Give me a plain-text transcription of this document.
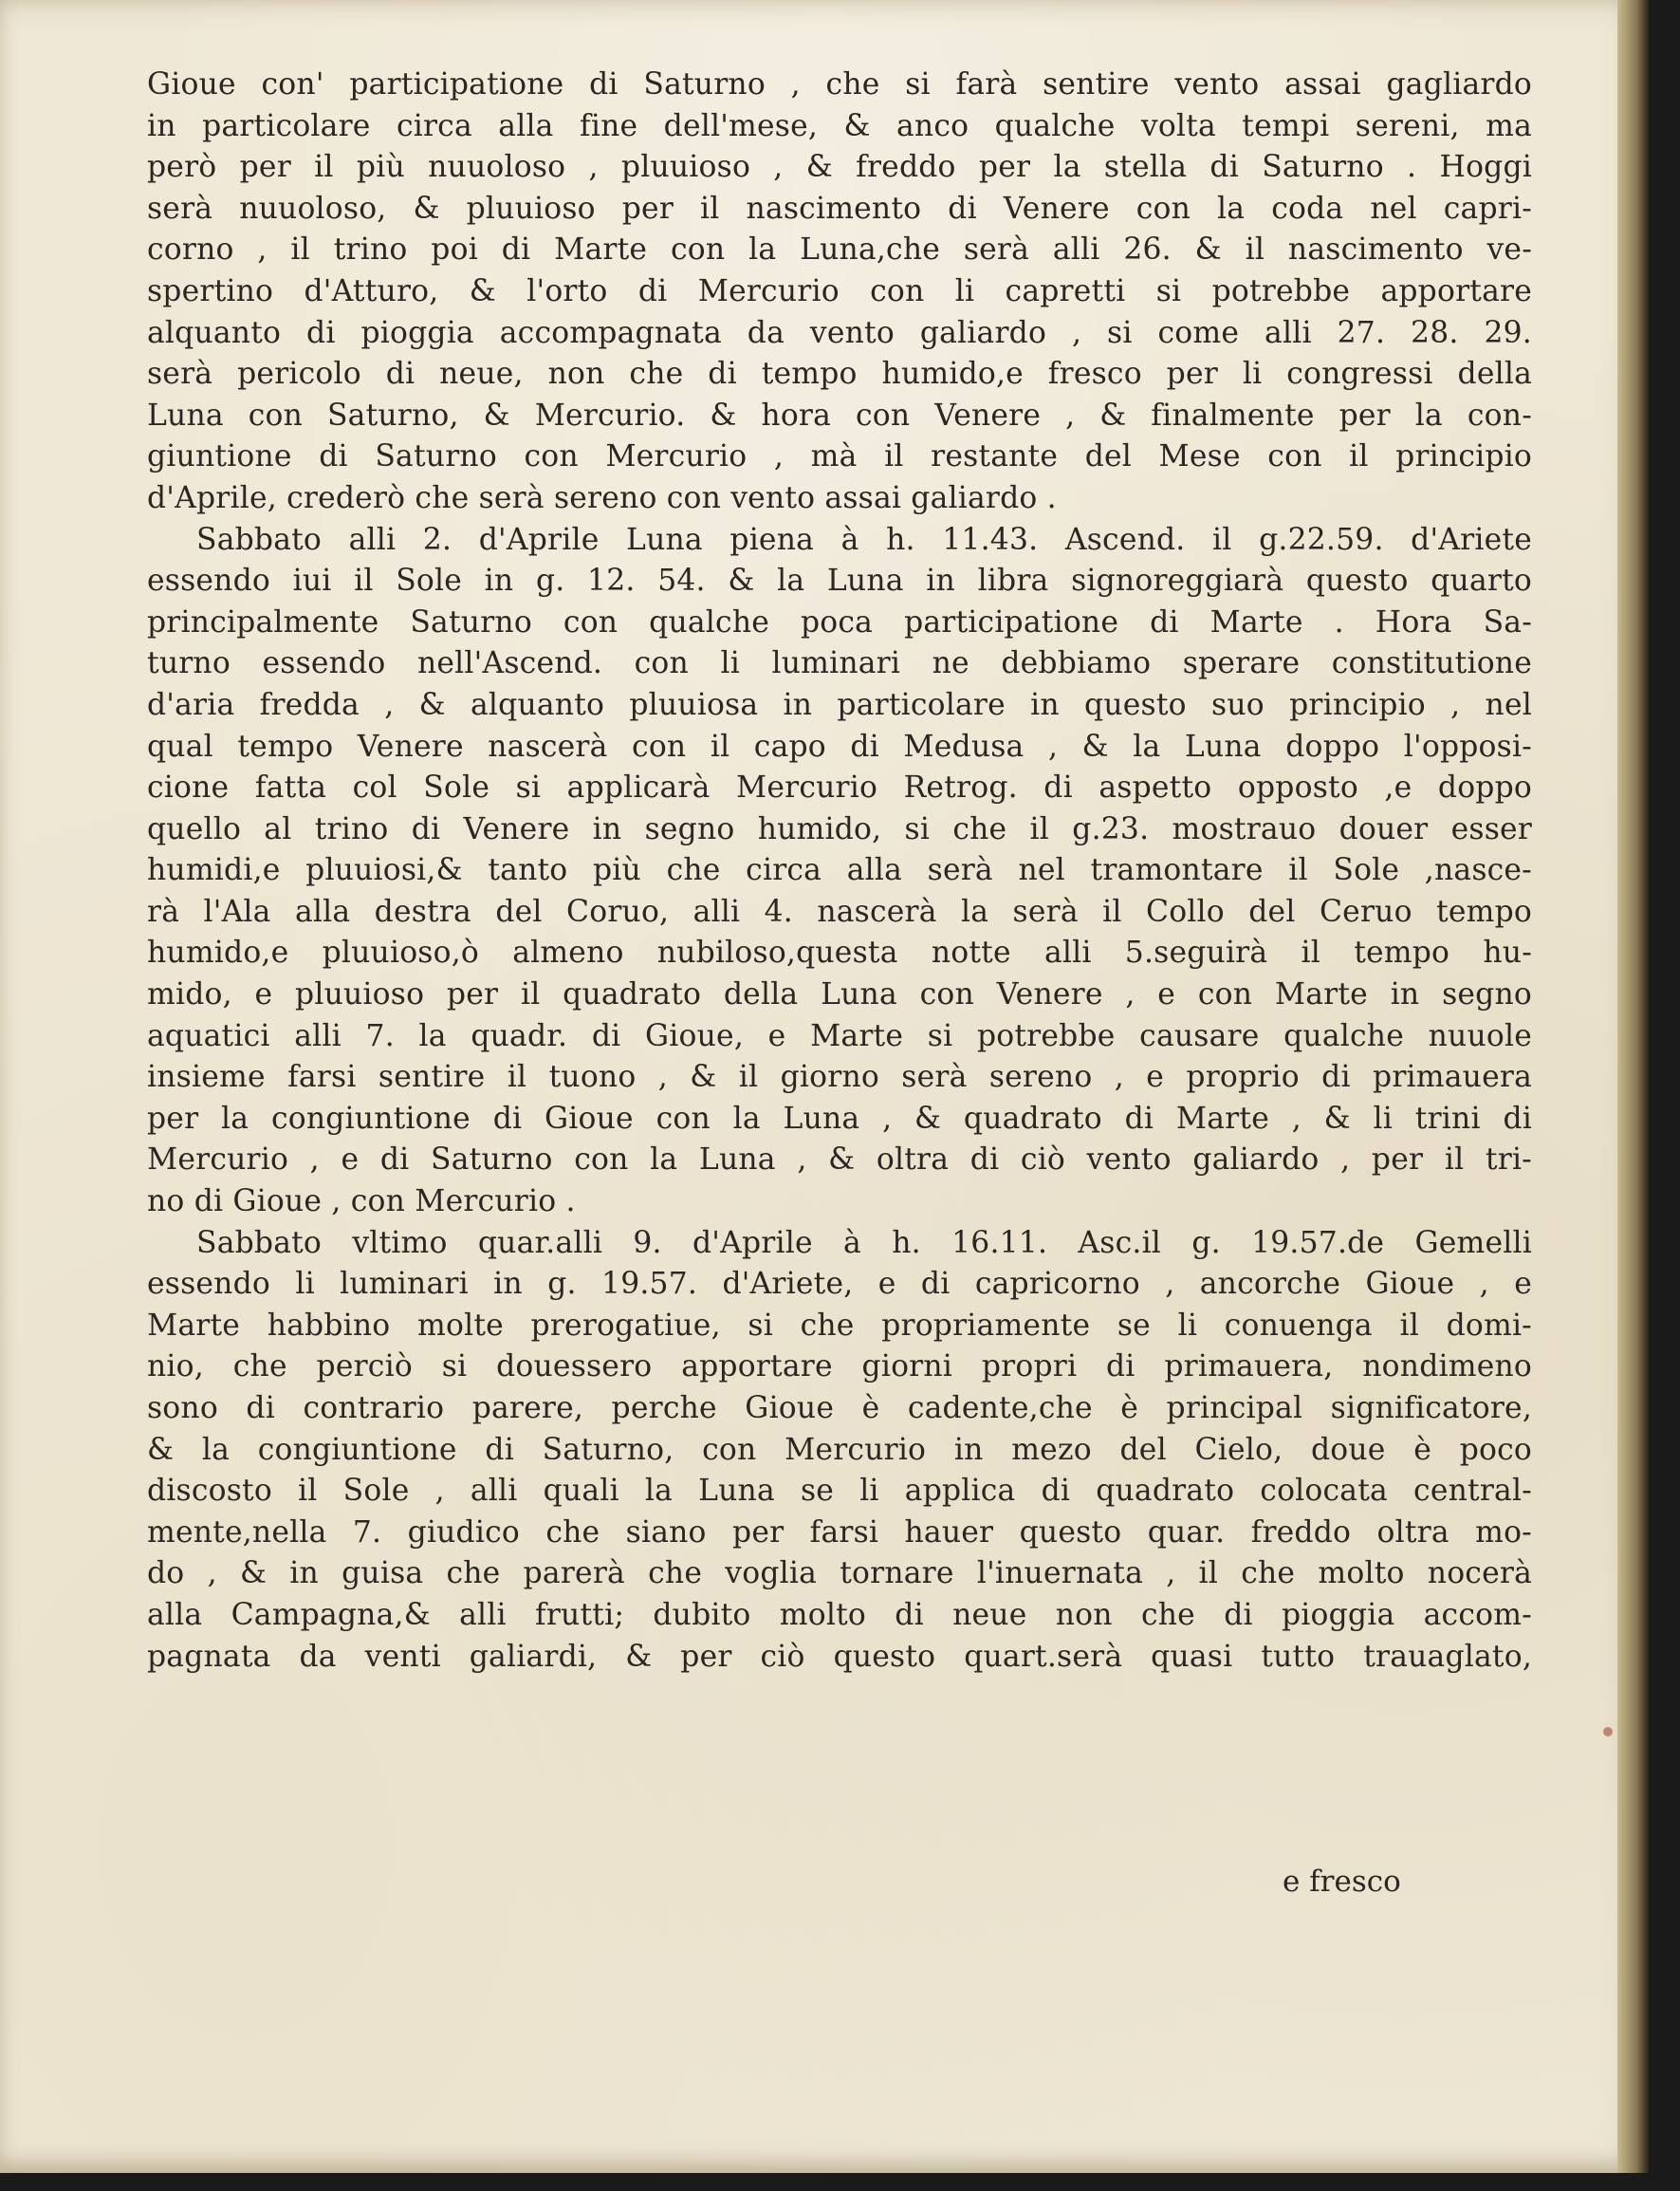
Gioue con' participatione di Saturno , che si farà sentire vento assai gagliardo
in particolare circa alla fine dell'mese, & anco qualche volta tempi sereni, ma
però per il più nuuoloso , pluuioso , & freddo per la stella di Saturno . Hoggi
serà nuuoloso, & pluuioso per il nascimento di Venere con la coda nel capri-
corno , il trino poi di Marte con la Luna,che serà alli 26. & il nascimento ve-
spertino d'Atturo, & l'orto di Mercurio con li capretti si potrebbe apportare
alquanto di pioggia accompagnata da vento galiardo , si come alli 27. 28. 29.
serà pericolo di neue, non che di tempo humido,e fresco per li congressi della
Luna con Saturno, & Mercurio. & hora con Venere , & finalmente per la con-
giuntione di Saturno con Mercurio , mà il restante del Mese con il principio
d'Aprile, crederò che serà sereno con vento assai galiardo .
Sabbato alli 2. d'Aprile Luna piena à h. 11.43. Ascend. il g.22.59. d'Ariete
essendo iui il Sole in g. 12. 54. & la Luna in libra signoreggiarà questo quarto
principalmente Saturno con qualche poca participatione di Marte . Hora Sa-
turno essendo nell'Ascend. con li luminari ne debbiamo sperare constitutione
d'aria fredda , & alquanto pluuiosa in particolare in questo suo principio , nel
qual tempo Venere nascerà con il capo di Medusa , & la Luna doppo l'opposi-
cione fatta col Sole si applicarà Mercurio Retrog. di aspetto opposto ,e doppo
quello al trino di Venere in segno humido, si che il g.23. mostrauo douer esser
humidi,e pluuiosi,& tanto più che circa alla serà nel tramontare il Sole ,nasce-
rà l'Ala alla destra del Coruo, alli 4. nascerà la serà il Collo del Ceruo tempo
humido,e pluuioso,ò almeno nubiloso,questa notte alli 5.seguirà il tempo hu-
mido, e pluuioso per il quadrato della Luna con Venere , e con Marte in segno
aquatici alli 7. la quadr. di Gioue, e Marte si potrebbe causare qualche nuuole
insieme farsi sentire il tuono , & il giorno serà sereno , e proprio di primauera
per la congiuntione di Gioue con la Luna , & quadrato di Marte , & li trini di
Mercurio , e di Saturno con la Luna , & oltra di ciò vento galiardo , per il tri-
no di Gioue , con Mercurio .
Sabbato vltimo quar.alli 9. d'Aprile à h. 16.11. Asc.il g. 19.57.de Gemelli
essendo li luminari in g. 19.57. d'Ariete, e di capricorno , ancorche Gioue , e
Marte habbino molte prerogatiue, si che propriamente se li conuenga il domi-
nio, che perciò si douessero apportare giorni propri di primauera, nondimeno
sono di contrario parere, perche Gioue è cadente,che è principal significatore,
& la congiuntione di Saturno, con Mercurio in mezo del Cielo, doue è poco
discosto il Sole , alli quali la Luna se li applica di quadrato colocata central-
mente,nella 7. giudico che siano per farsi hauer questo quar. freddo oltra mo-
do , & in guisa che parerà che voglia tornare l'inuernata , il che molto nocerà
alla Campagna,& alli frutti; dubito molto di neue non che di pioggia accom-
pagnata da venti galiardi, & per ciò questo quart.serà quasi tutto trauaglato,
e fresco
